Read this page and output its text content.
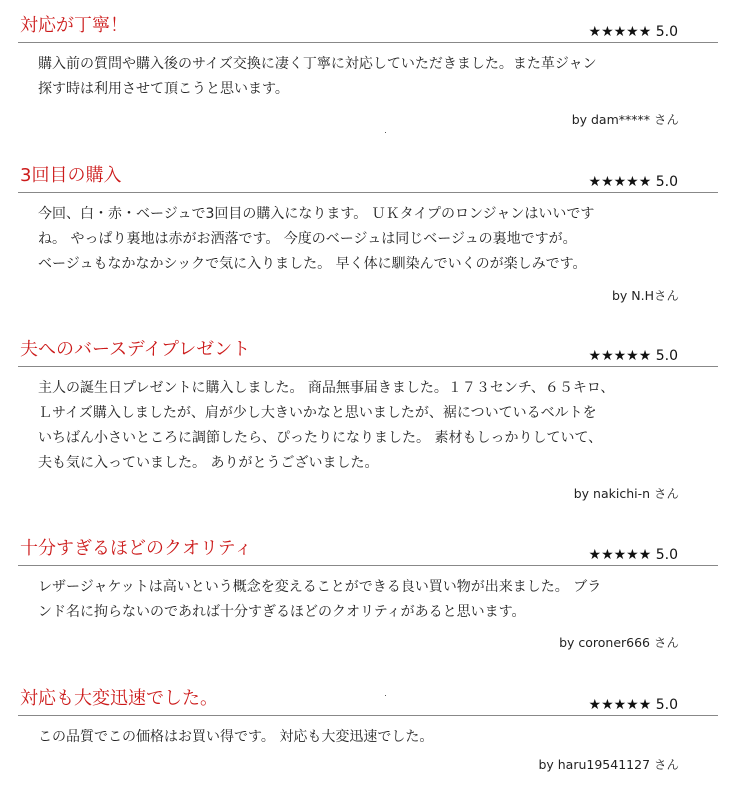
対応が丁寧！	★★★★★ 5.0
購入前の質問や購入後のサイズ交換に凄く丁寧に対応していただきました。また革ジャン
探す時は利用させて頂こうと思います。
by dam***** さん
3回目の購入	★★★★★ 5.0
今回、白・赤・ベージュで3回目の購入になります。 ＵＫタイプのロンジャンはいいです
ね。 やっぱり裏地は赤がお洒落です。 今度のベージュは同じベージュの裏地ですが。
ベージュもなかなかシックで気に入りました。 早く体に馴染んでいくのが楽しみです。
by N.Hさん
夫へのバースデイプレゼント	★★★★★ 5.0
主人の誕生日プレゼントに購入しました。 商品無事届きました。１７３センチ、６５キロ、
Ｌサイズ購入しましたが、肩が少し大きいかなと思いましたが、裾についているベルトを
いちばん小さいところに調節したら、ぴったりになりました。 素材もしっかりしていて、
夫も気に入っていました。 ありがとうございました。
by nakichi-n さん
十分すぎるほどのクオリティ	★★★★★ 5.0
レザージャケットは高いという概念を変えることができる良い買い物が出来ました。 ブラ
ンド名に拘らないのであれば十分すぎるほどのクオリティがあると思います。
by coroner666 さん
対応も大変迅速でした。	★★★★★ 5.0
この品質でこの価格はお買い得です。 対応も大変迅速でした。
by haru19541127 さん
